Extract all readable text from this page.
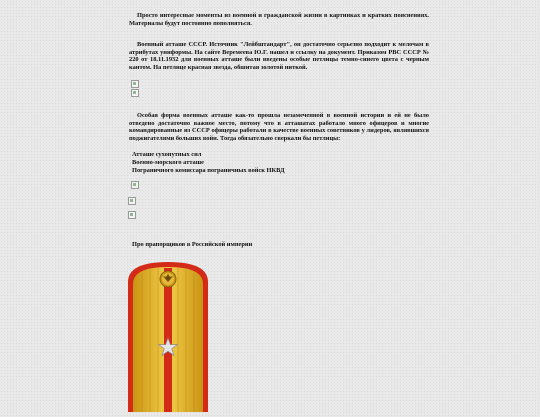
Просто интересные моменты из военной и гражданской жизни в картинках и кратких пояснениях. Материалы будут постоянно пополняться.

Военный атташе СССР. Источник "Лейбштандарт", он достаточно серьезно подходит к мелочам в атрибутах униформы. На сайте Веремеева Ю.Г. нашел и ссылку на документ. Приказом РВС СССР № 220 от 18.11.1932 для военных атташе были введены особые петлицы темно-синего цвета с черным кантом. На петлице красная звезда, обшитая золотой ниткой.

Особая форма военных атташе как-то прошла незамеченной в военной истории и ей не было отведено достаточно важное место, потому что в атташатах работало много офицеров и многие командированные из СССР офицеры работали в качестве военных советников у лидеров, являвшихся поджигателями больших войн. Тогда обязательно сверкали бы петлицы:

Атташе сухопутных сил
Военно-морского атташе
Пограничного комиссара пограничных войск НКВД
Про прапорщиков в Российской империи
